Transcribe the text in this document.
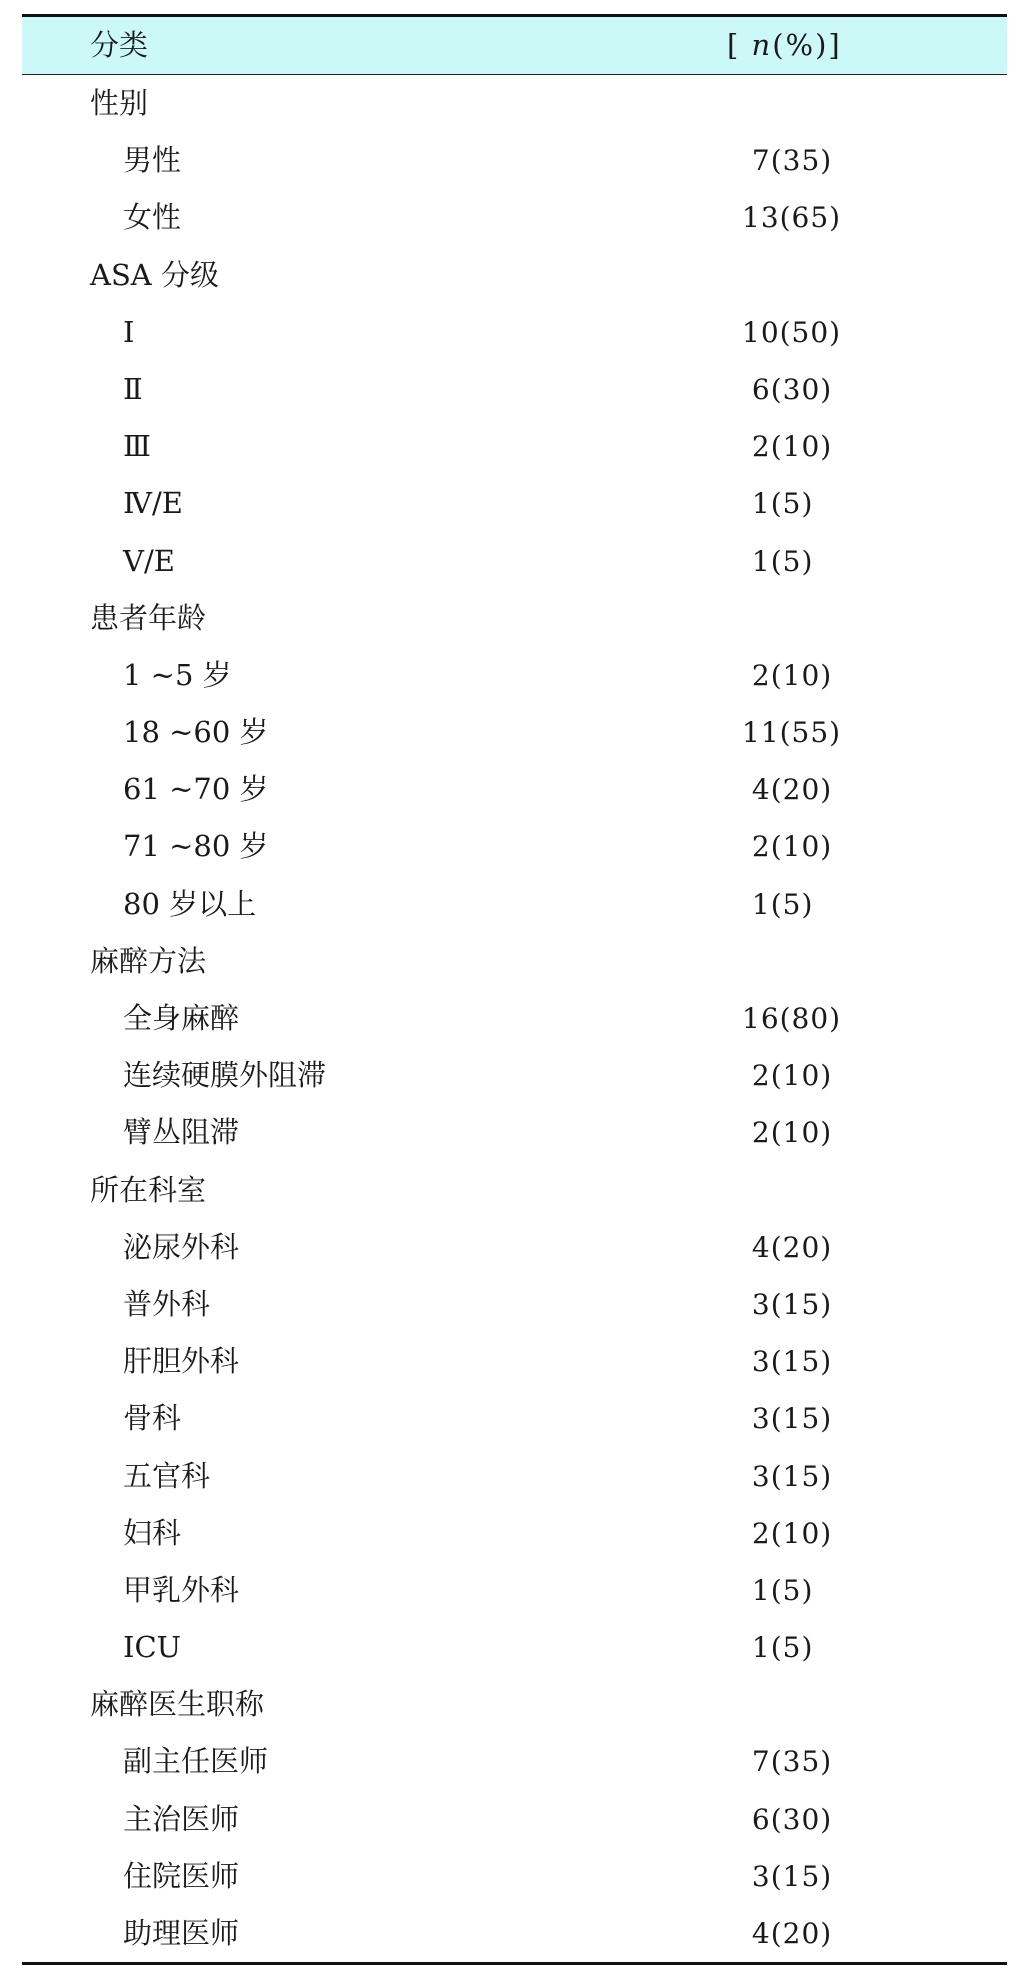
分类	[ n(%)]
性别
男性	7(35)
女性	13(65)
ASA 分级
Ⅰ	10(50)
Ⅱ	6(30)
Ⅲ	2(10)
Ⅳ/E	1(5)
Ⅴ/E	1(5)
患者年龄
1 ~5 岁	2(10)
18 ~60 岁	11(55)
61 ~70 岁	4(20)
71 ~80 岁	2(10)
80 岁以上	1(5)
麻醉方法
全身麻醉	16(80)
连续硬膜外阻滞	2(10)
臂丛阻滞	2(10)
所在科室
泌尿外科	4(20)
普外科	3(15)
肝胆外科	3(15)
骨科	3(15)
五官科	3(15)
妇科	2(10)
甲乳外科	1(5)
ICU	1(5)
麻醉医生职称
副主任医师	7(35)
主治医师	6(30)
住院医师	3(15)
助理医师	4(20)
